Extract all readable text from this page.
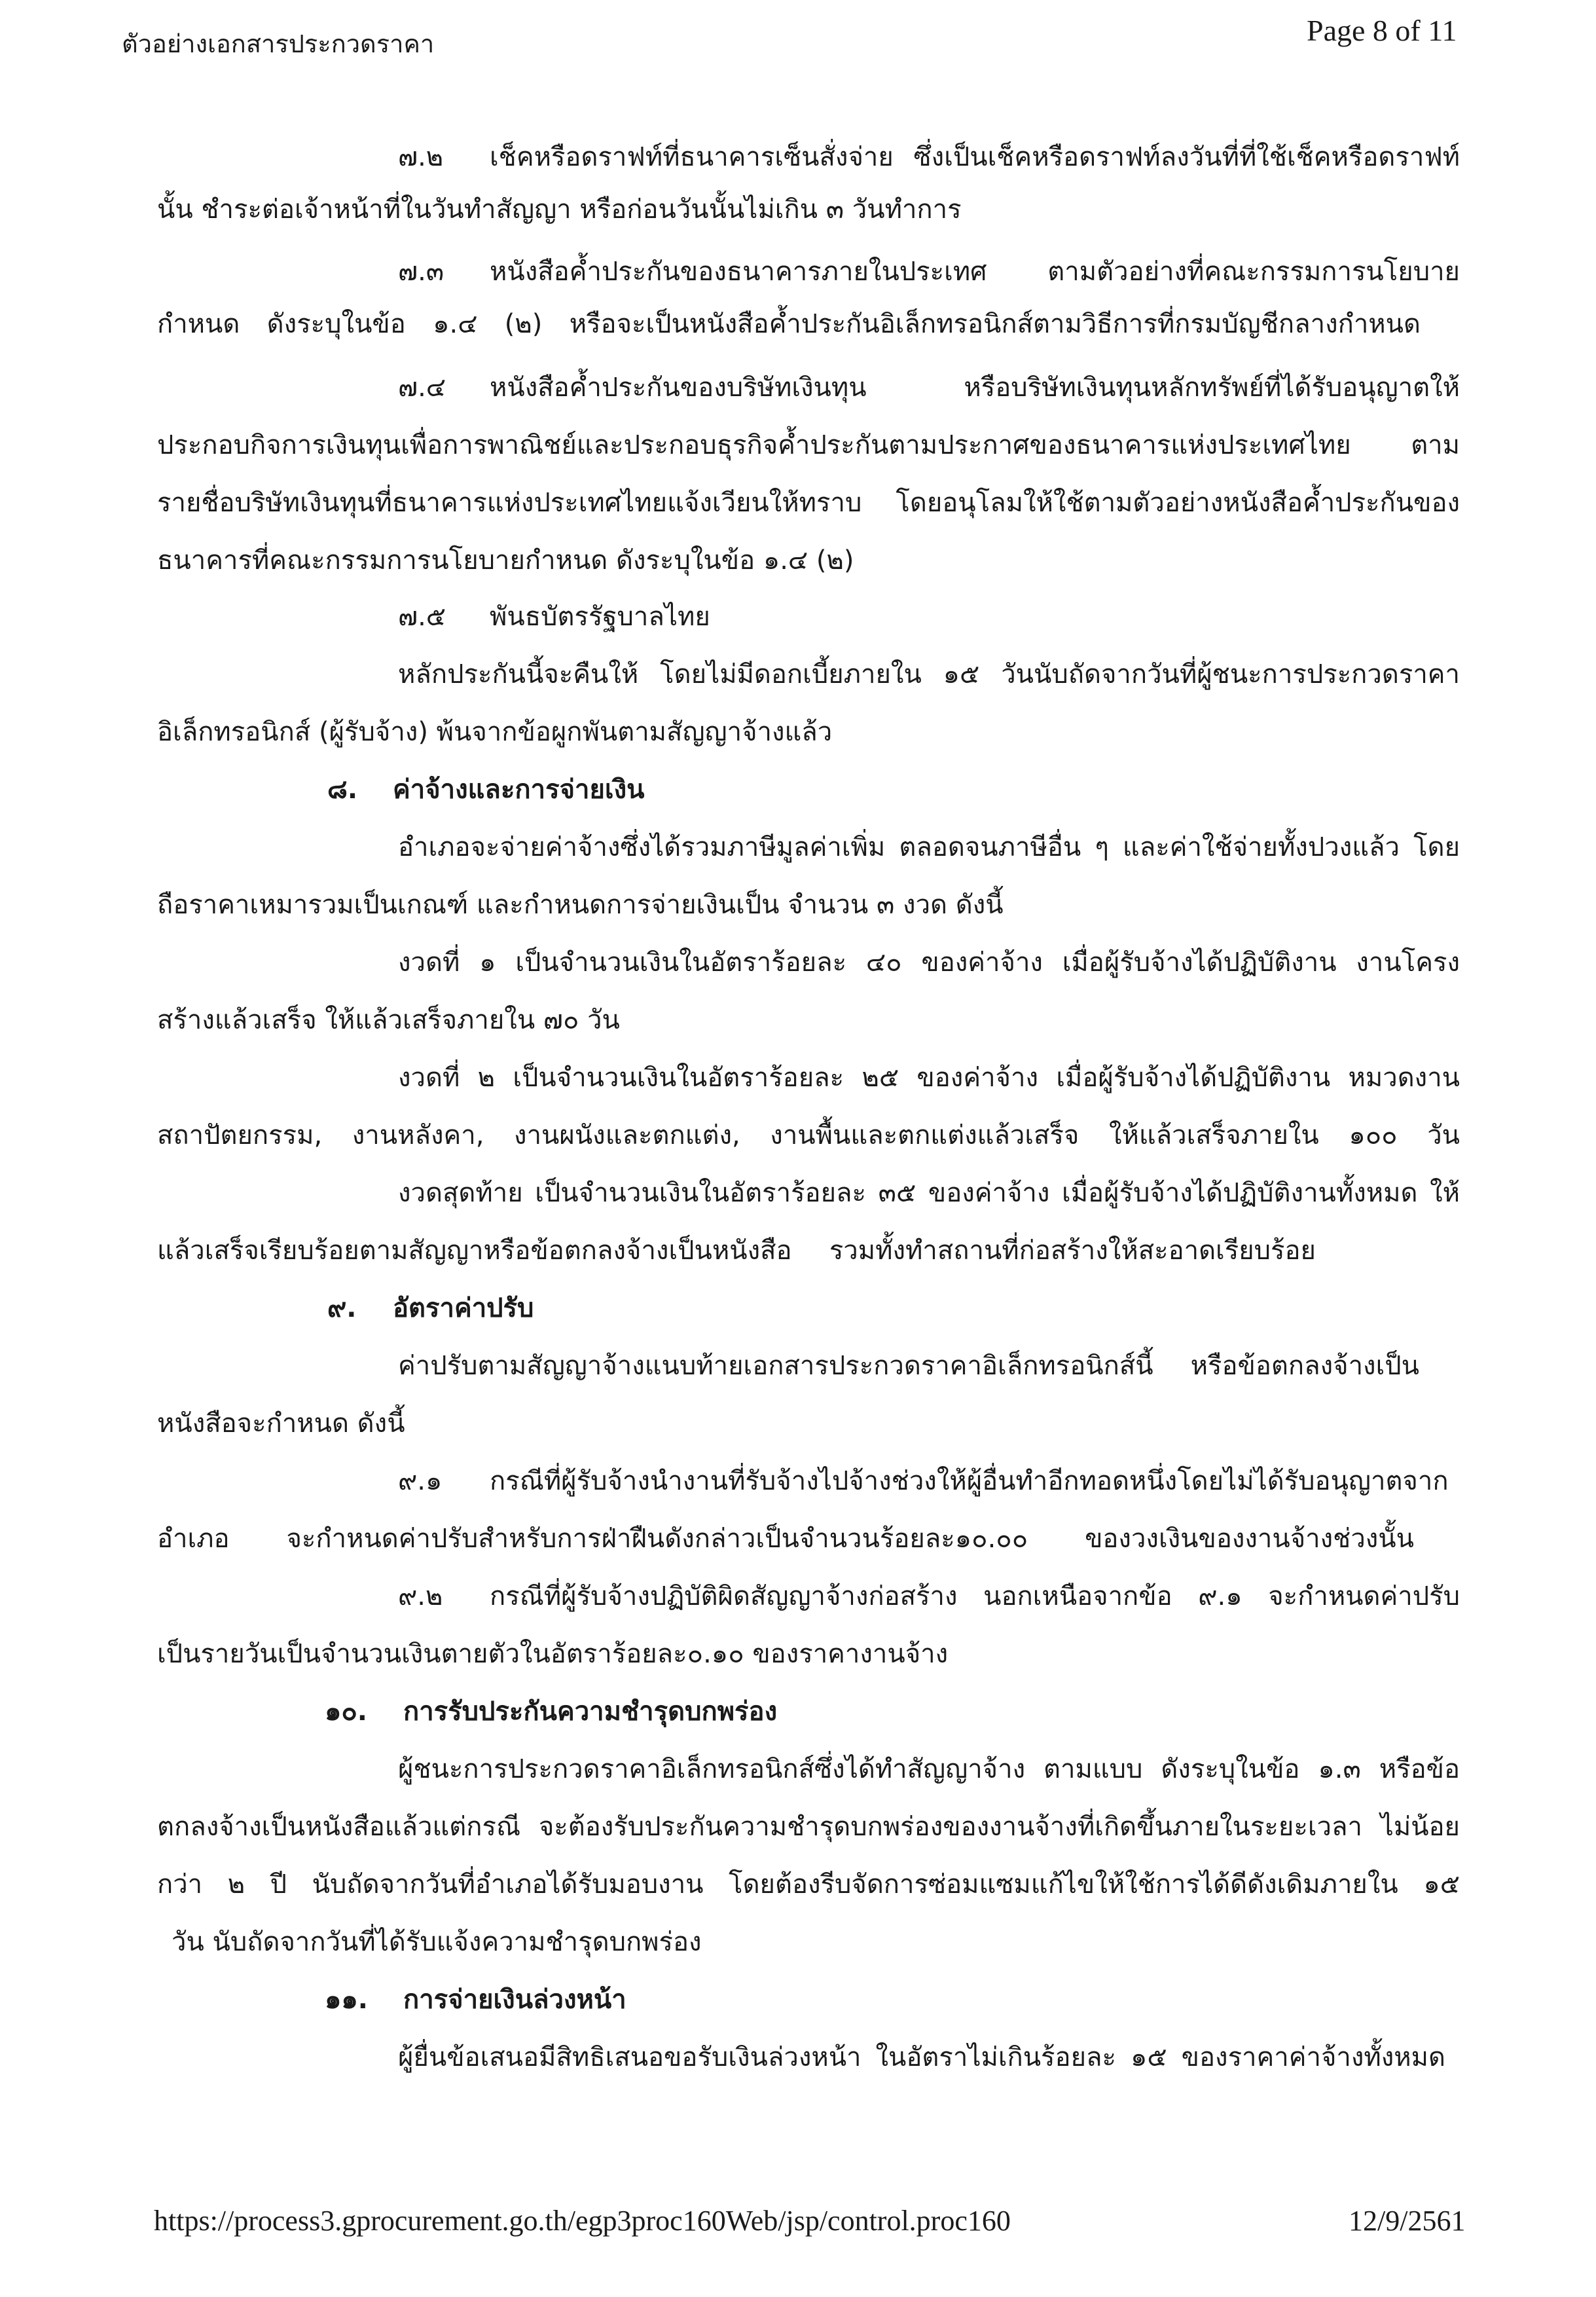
ตัวอย่างเอกสารประกวดราคา	Page 8 of 11
๗.๒ เช็คหรือดราฟท์ที่ธนาคารเซ็นสั่งจ่าย ซึ่งเป็นเช็คหรือดราฟท์ลงวันที่ที่ใช้เช็คหรือดราฟท์
นั้น ชำระต่อเจ้าหน้าที่ในวันทำสัญญา หรือก่อนวันนั้นไม่เกิน ๓ วันทำการ
๗.๓ หนังสือค้ำประกันของธนาคารภายในประเทศ ตามตัวอย่างที่คณะกรรมการนโยบาย
กำหนด ดังระบุในข้อ ๑.๔ (๒) หรือจะเป็นหนังสือค้ำประกันอิเล็กทรอนิกส์ตามวิธีการที่กรมบัญชีกลางกำหนด
๗.๔ หนังสือค้ำประกันของบริษัทเงินทุน หรือบริษัทเงินทุนหลักทรัพย์ที่ได้รับอนุญาตให้
ประกอบกิจการเงินทุนเพื่อการพาณิชย์และประกอบธุรกิจค้ำประกันตามประกาศของธนาคารแห่งประเทศไทย ตาม
รายชื่อบริษัทเงินทุนที่ธนาคารแห่งประเทศไทยแจ้งเวียนให้ทราบ โดยอนุโลมให้ใช้ตามตัวอย่างหนังสือค้ำประกันของ
ธนาคารที่คณะกรรมการนโยบายกำหนด ดังระบุในข้อ ๑.๔ (๒)
๗.๕ พันธบัตรรัฐบาลไทย
หลักประกันนี้จะคืนให้ โดยไม่มีดอกเบี้ยภายใน ๑๕ วันนับถัดจากวันที่ผู้ชนะการประกวดราคา
อิเล็กทรอนิกส์ (ผู้รับจ้าง) พ้นจากข้อผูกพันตามสัญญาจ้างแล้ว
๘. ค่าจ้างและการจ่ายเงิน
อำเภอจะจ่ายค่าจ้างซึ่งได้รวมภาษีมูลค่าเพิ่ม ตลอดจนภาษีอื่น ๆ และค่าใช้จ่ายทั้งปวงแล้ว โดย
ถือราคาเหมารวมเป็นเกณฑ์ และกำหนดการจ่ายเงินเป็น จำนวน ๓ งวด ดังนี้
งวดที่ ๑ เป็นจำนวนเงินในอัตราร้อยละ ๔๐ ของค่าจ้าง เมื่อผู้รับจ้างได้ปฏิบัติงาน งานโครง
สร้างแล้วเสร็จ ให้แล้วเสร็จภายใน ๗๐ วัน
งวดที่ ๒ เป็นจำนวนเงินในอัตราร้อยละ ๒๕ ของค่าจ้าง เมื่อผู้รับจ้างได้ปฏิบัติงาน หมวดงาน
สถาปัตยกรรม, งานหลังคา, งานผนังและตกแต่ง, งานพื้นและตกแต่งแล้วเสร็จ ให้แล้วเสร็จภายใน ๑๐๐ วัน
งวดสุดท้าย เป็นจำนวนเงินในอัตราร้อยละ ๓๕ ของค่าจ้าง เมื่อผู้รับจ้างได้ปฏิบัติงานทั้งหมด ให้
แล้วเสร็จเรียบร้อยตามสัญญาหรือข้อตกลงจ้างเป็นหนังสือ รวมทั้งทำสถานที่ก่อสร้างให้สะอาดเรียบร้อย
๙. อัตราค่าปรับ
ค่าปรับตามสัญญาจ้างแนบท้ายเอกสารประกวดราคาอิเล็กทรอนิกส์นี้ หรือข้อตกลงจ้างเป็น
หนังสือจะกำหนด ดังนี้
๙.๑ กรณีที่ผู้รับจ้างนำงานที่รับจ้างไปจ้างช่วงให้ผู้อื่นทำอีกทอดหนึ่งโดยไม่ได้รับอนุญาตจาก
อำเภอ จะกำหนดค่าปรับสำหรับการฝ่าฝืนดังกล่าวเป็นจำนวนร้อยละ๑๐.๐๐ ของวงเงินของงานจ้างช่วงนั้น
๙.๒ กรณีที่ผู้รับจ้างปฏิบัติผิดสัญญาจ้างก่อสร้าง นอกเหนือจากข้อ ๙.๑ จะกำหนดค่าปรับ
เป็นรายวันเป็นจำนวนเงินตายตัวในอัตราร้อยละ๐.๑๐ ของราคางานจ้าง
๑๐. การรับประกันความชำรุดบกพร่อง
ผู้ชนะการประกวดราคาอิเล็กทรอนิกส์ซึ่งได้ทำสัญญาจ้าง ตามแบบ ดังระบุในข้อ ๑.๓ หรือข้อ
ตกลงจ้างเป็นหนังสือแล้วแต่กรณี จะต้องรับประกันความชำรุดบกพร่องของงานจ้างที่เกิดขึ้นภายในระยะเวลา ไม่น้อย
กว่า ๒ ปี นับถัดจากวันที่อำเภอได้รับมอบงาน โดยต้องรีบจัดการซ่อมแซมแก้ไขให้ใช้การได้ดีดังเดิมภายใน ๑๕
วัน นับถัดจากวันที่ได้รับแจ้งความชำรุดบกพร่อง
๑๑. การจ่ายเงินล่วงหน้า
ผู้ยื่นข้อเสนอมีสิทธิเสนอขอรับเงินล่วงหน้า ในอัตราไม่เกินร้อยละ ๑๕ ของราคาค่าจ้างทั้งหมด
https://process3.gprocurement.go.th/egp3proc160Web/jsp/control.proc160	12/9/2561
